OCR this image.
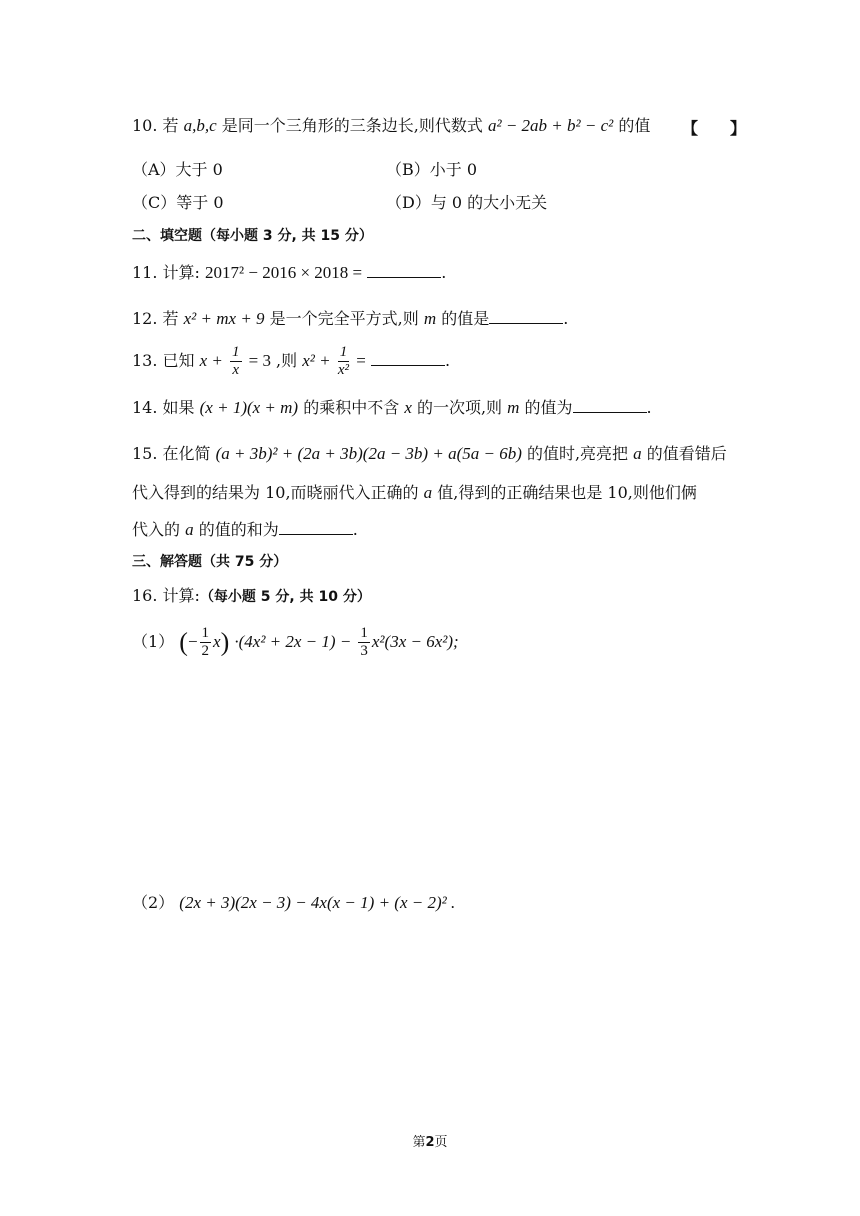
10. 若 a,b,c 是同一个三角形的三条边长,则代数式 a² − 2ab + b² − c² 的值 【　　】
（A）大于 0	（B）小于 0
（C）等于 0	（D）与 0 的大小无关
二、填空题（每小题 3 分, 共 15 分）
11. 计算: 2017² − 2016 × 2018 =	.
12. 若 x² + mx + 9 是一个完全平方式,则 m 的值是	.
13. 已知 $x + \frac{1}{x} = 3$ ,则 $x^2 + \frac{1}{\text{x²}}$ =	.
14. 如果 (x + 1)(x + m) 的乘积中不含 x 的一次项,则 m 的值为	.
15. 在化简 (a + 3b)² + (2a + 3b)(2a − 3b) + a(5a − 6b) 的值时,亮亮把 a 的值看错后
代入得到的结果为 10,而晓丽代入正确的 a 值,得到的正确结果也是 10,则他们俩
代入的 a 的值的和为	.
三、解答题（共 75 分）
16. 计算:（每小题 5 分, 共 10 分）
（1） (− $\frac{1}{2} x) \cdot(4x^2 + 2x - 1) - \frac{1}{3} x^2(3x - 6x^2)$;
（2） (2x + 3)(2x − 3) − 4x(x − 1) + (x − 2)² .
第2页
